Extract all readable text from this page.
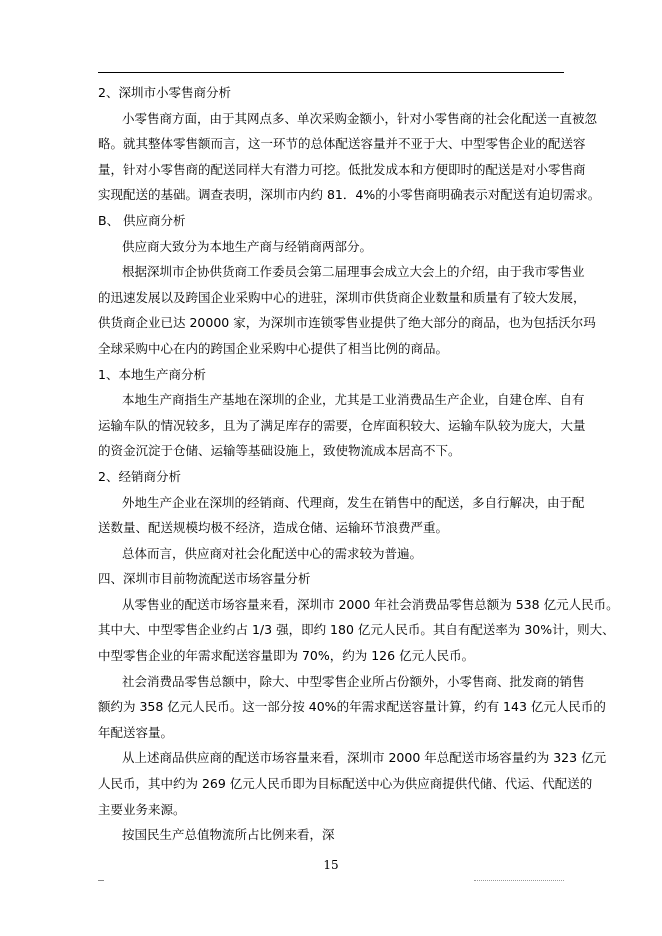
2、深圳市小零售商分析
小零售商方面，由于其网点多、单次采购金额小，针对小零售商的社会化配送一直被忽
略。就其整体零售额而言，这一环节的总体配送容量并不亚于大、中型零售企业的配送容
量，针对小零售商的配送同样大有潜力可挖。低批发成本和方便即时的配送是对小零售商
实现配送的基础。调查表明，深圳市内约 81．4%的小零售商明确表示对配送有迫切需求。
B、 供应商分析
供应商大致分为本地生产商与经销商两部分。
根据深圳市企协供货商工作委员会第二届理事会成立大会上的介绍，由于我市零售业
的迅速发展以及跨国企业采购中心的进驻，深圳市供货商企业数量和质量有了较大发展，
供货商企业已达 20000 家，为深圳市连锁零售业提供了绝大部分的商品，也为包括沃尔玛
全球采购中心在内的跨国企业采购中心提供了相当比例的商品。
1、本地生产商分析
本地生产商指生产基地在深圳的企业，尤其是工业消费品生产企业，自建仓库、自有
运输车队的情况较多，且为了满足库存的需要，仓库面积较大、运输车队较为庞大，大量
的资金沉淀于仓储、运输等基础设施上，致使物流成本居高不下。
2、经销商分析
外地生产企业在深圳的经销商、代理商，发生在销售中的配送，多自行解决，由于配
送数量、配送规模均极不经济，造成仓储、运输环节浪费严重。
总体而言，供应商对社会化配送中心的需求较为普遍。
四、深圳市目前物流配送市场容量分析
从零售业的配送市场容量来看，深圳市 2000 年社会消费品零售总额为 538 亿元人民币。
其中大、中型零售企业约占 1/3 强，即约 180 亿元人民币。其自有配送率为 30%计，则大、
中型零售企业的年需求配送容量即为 70%，约为 126 亿元人民币。
社会消费品零售总额中，除大、中型零售企业所占份额外，小零售商、批发商的销售
额约为 358 亿元人民币。这一部分按 40%的年需求配送容量计算，约有 143 亿元人民币的
年配送容量。
从上述商品供应商的配送市场容量来看，深圳市 2000 年总配送市场容量约为 323 亿元
人民币，其中约为 269 亿元人民币即为目标配送中心为供应商提供代储、代运、代配送的
主要业务来源。
按国民生产总值物流所占比例来看，深
15
